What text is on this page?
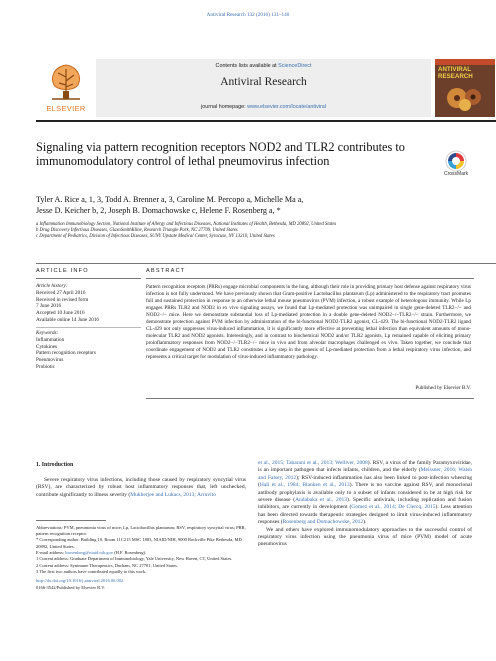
Antiviral Research 132 (2016) 131–140
ELSEVIER
Contents lists available at ScienceDirect
Antiviral Research
journal homepage: www.elsevier.com/locate/antiviral
ANTIVIRAL RESEARCH
Signaling via pattern recognition receptors NOD2 and TLR2 contributes to immunomodulatory control of lethal pneumovirus infection
CrossMark
Tyler A. Rice a, 1, 3, Todd A. Brenner a, 3, Caroline M. Percopo a, Michelle Ma a,
Jesse D. Keicher b, 2, Joseph B. Domachowske c, Helene F. Rosenberg a, *
a Inflammation Immunobiology Section, National Institute of Allergy and Infectious Diseases, National Institutes of Health, Bethesda, MD 20892, United States
b Drug Discovery Infectious Diseases, GlaxoSmithKline, Research Triangle Park, NC 27709, United States
c Department of Pediatrics, Division of Infectious Diseases, SUNY Upstate Medical Center, Syracuse, NY 13210, United States
ARTICLE INFO
Article history:
Received 27 April 2016
Received in revised form
7 June 2016
Accepted 10 June 2016
Available online 14 June 2016
Keywords:
Inflammation
Cytokines
Pattern recognition receptors
Pneumovirus
Probiotic
ABSTRACT
Pattern recognition receptors (PRRs) engage microbial components in the lung, although their role in providing primary host defense against respiratory virus infection is not fully understood. We have previously shown that Gram-positive Lactobacillus plantarum (Lp) administered to the respiratory tract promotes full and sustained protection in response to an otherwise lethal mouse pneumovirus (PVM) infection, a robust example of heterologous immunity. While Lp engages PRRs TLR2 and NOD2 in ex vivo signaling assays, we found that Lp-mediated protection was unimpaired in single gene-deleted TLR2−/− and NOD2−/− mice. Here we demonstrate substantial loss of Lp-mediated protection in a double gene-deleted NOD2−/−TLR2−/− strain. Furthermore, we demonstrate protection against PVM infection by administration of the bi-functional NOD2-TLR2 agonist, CL-429. The bi-functional NOD2-TLR2 ligand CL-429 not only suppresses virus-induced inflammation, it is significantly more effective at preventing lethal infection than equivalent amounts of mono-molecular TLR2 and NOD2 agonists. Interestingly, and in contrast to biochemical NOD2 and/or TLR2 agonists, Lp remained capable of eliciting primary proinflammatory responses from NOD2−/−TLR2−/− mice in vivo and from alveolar macrophages challenged ex vivo. Taken together, we conclude that coordinate engagement of NOD2 and TLR2 constitutes a key step in the genesis of Lp-mediated protection from a lethal respiratory virus infection, and represents a critical target for modulation of virus-induced inflammatory pathology.
Published by Elsevier B.V.
1. Introduction
Severe respiratory virus infections, including those caused by respiratory syncytial virus (RSV), are characterized by robust host inflammatory responses that, left unchecked, contribute significantly to illness severity (Mukherjee and Lukacs, 2013; Arruvito
Abbreviations: PVM, pneumonia virus of mice; Lp, Lactobacillus plantarum; RSV, respiratory syncytial virus; PRR, pattern recognition receptor.
* Corresponding author. Building 10, Room 11C215 MSC 1883, NIAID/NIH, 9000 Rockville Pike Bethesda, MD 20892, United States.
E-mail address: hrosenberg@niaid.nih.gov (H.F. Rosenberg).
1 Current address: Graduate Department of Immunobiology, Yale University, New Haven, CT, United States.
2 Current address: Symmune Therapeutics, Durham, NC 27701, United States.
3 The first two authors have contributed equally to this work.
http://dx.doi.org/10.1016/j.antiviral.2016.06.002
0166-3542/Published by Elsevier B.V.
et al., 2015; Tabarani et al., 2013; Welliver, 2008). RSV, a virus of the family Paramyxoviridae, is an important pathogen that infects infants, children, and the elderly (Meissner, 2016; Walsh and Falsey, 2012); RSV-induced inflammation has also been linked to post-infection wheezing (Hall et al., 1984; Blanken et al., 2013). There is no vaccine against RSV, and monoclonal antibody prophylaxis is available only to a subset of infants considered to be at high risk for severe disease (Andabaka et al., 2013). Specific antivirals, including replication and fusion inhibitors, are currently in development (Gomez et al., 2014; De Clercq, 2015). Less attention has been directed towards therapeutic strategies designed to limit virus-induced inflammatory responses (Rosenberg and Domachowske, 2012).
We and others have explored immunomodulatory approaches to the successful control of respiratory virus infection using the pneumonia virus of mice (PVM) model of acute pneumovirus
